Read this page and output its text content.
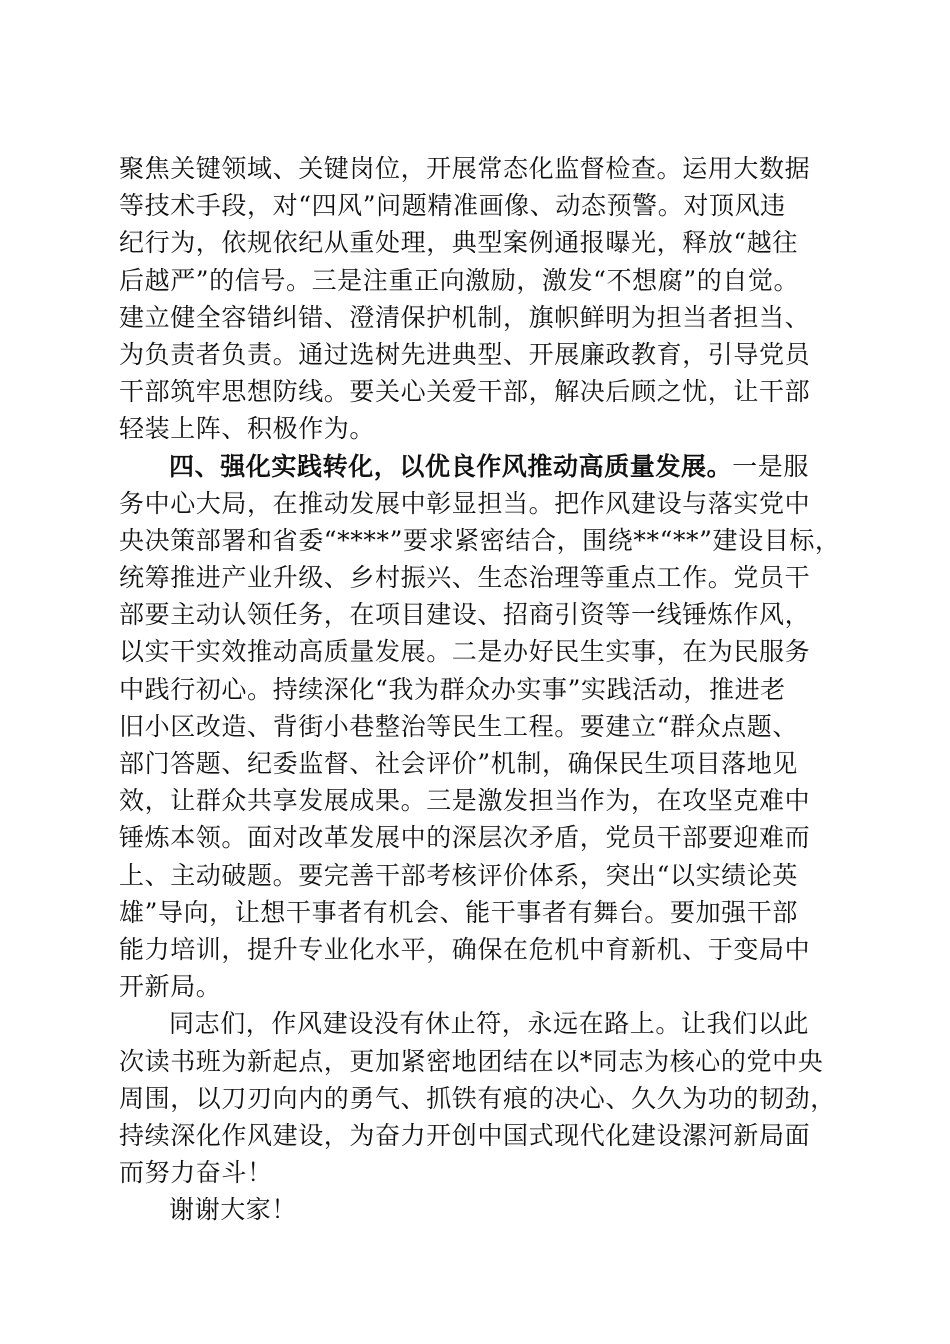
聚焦关键领域、关键岗位，开展常态化监督检查。运用大数据
等技术手段，对“四风”问题精准画像、动态预警。对顶风违
纪行为，依规依纪从重处理，典型案例通报曝光，释放“越往
后越严”的信号。三是注重正向激励，激发“不想腐”的自觉。
建立健全容错纠错、澄清保护机制，旗帜鲜明为担当者担当、
为负责者负责。通过选树先进典型、开展廉政教育，引导党员
干部筑牢思想防线。要关心关爱干部，解决后顾之忧，让干部
轻装上阵、积极作为。
四、强化实践转化，以优良作风推动高质量发展。一是服
务中心大局，在推动发展中彰显担当。把作风建设与落实党中
央决策部署和省委“****”要求紧密结合，围绕**“**”建设目标，
统筹推进产业升级、乡村振兴、生态治理等重点工作。党员干
部要主动认领任务，在项目建设、招商引资等一线锤炼作风，
以实干实效推动高质量发展。二是办好民生实事，在为民服务
中践行初心。持续深化“我为群众办实事”实践活动，推进老
旧小区改造、背街小巷整治等民生工程。要建立“群众点题、
部门答题、纪委监督、社会评价”机制，确保民生项目落地见
效，让群众共享发展成果。三是激发担当作为，在攻坚克难中
锤炼本领。面对改革发展中的深层次矛盾，党员干部要迎难而
上、主动破题。要完善干部考核评价体系，突出“以实绩论英
雄”导向，让想干事者有机会、能干事者有舞台。要加强干部
能力培训，提升专业化水平，确保在危机中育新机、于变局中
开新局。
同志们，作风建设没有休止符，永远在路上。让我们以此
次读书班为新起点，更加紧密地团结在以*同志为核心的党中央
周围，以刀刃向内的勇气、抓铁有痕的决心、久久为功的韧劲，
持续深化作风建设，为奋力开创中国式现代化建设漯河新局面
而努力奋斗！
谢谢大家！
